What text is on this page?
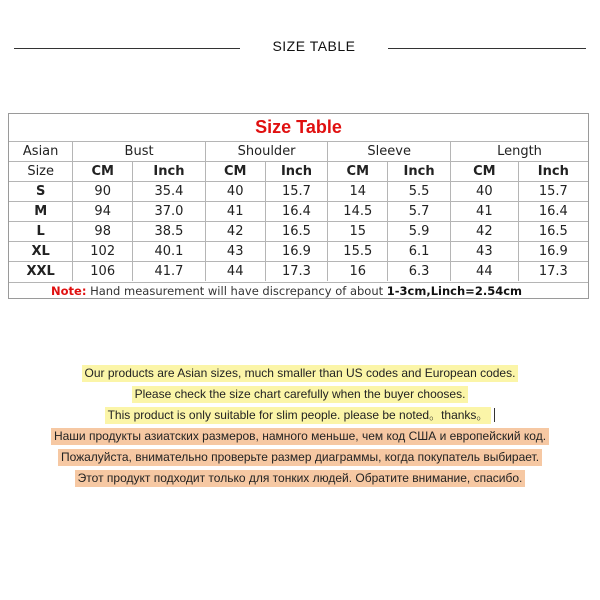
SIZE TABLE
Size Table
Asian	Bust		Shoulder		Sleeve		Length	
Size	CM	Inch	CM	Inch	CM	Inch	CM	Inch
S	90	35.4	40	15.7	14	5.5	40	15.7
M	94	37.0	41	16.4	14.5	5.7	41	16.4
L	98	38.5	42	16.5	15	5.9	42	16.5
XL	102	40.1	43	16.9	15.5	6.1	43	16.9
XXL	106	41.7	44	17.3	16	6.3	44	17.3
Note: Hand measurement will have discrepancy of about 1-3cm,Linch=2.54cm
Our products are Asian sizes, much smaller than US codes and European codes.
Please check the size chart carefully when the buyer chooses.
This product is only suitable for slim people. please be noted。thanks。
Наши продукты азиатских размеров, намного меньше, чем код США и европейский код.
Пожалуйста, внимательно проверьте размер диаграммы, когда покупатель выбирает.
Этот продукт подходит только для тонких людей. Обратите внимание, спасибо.
